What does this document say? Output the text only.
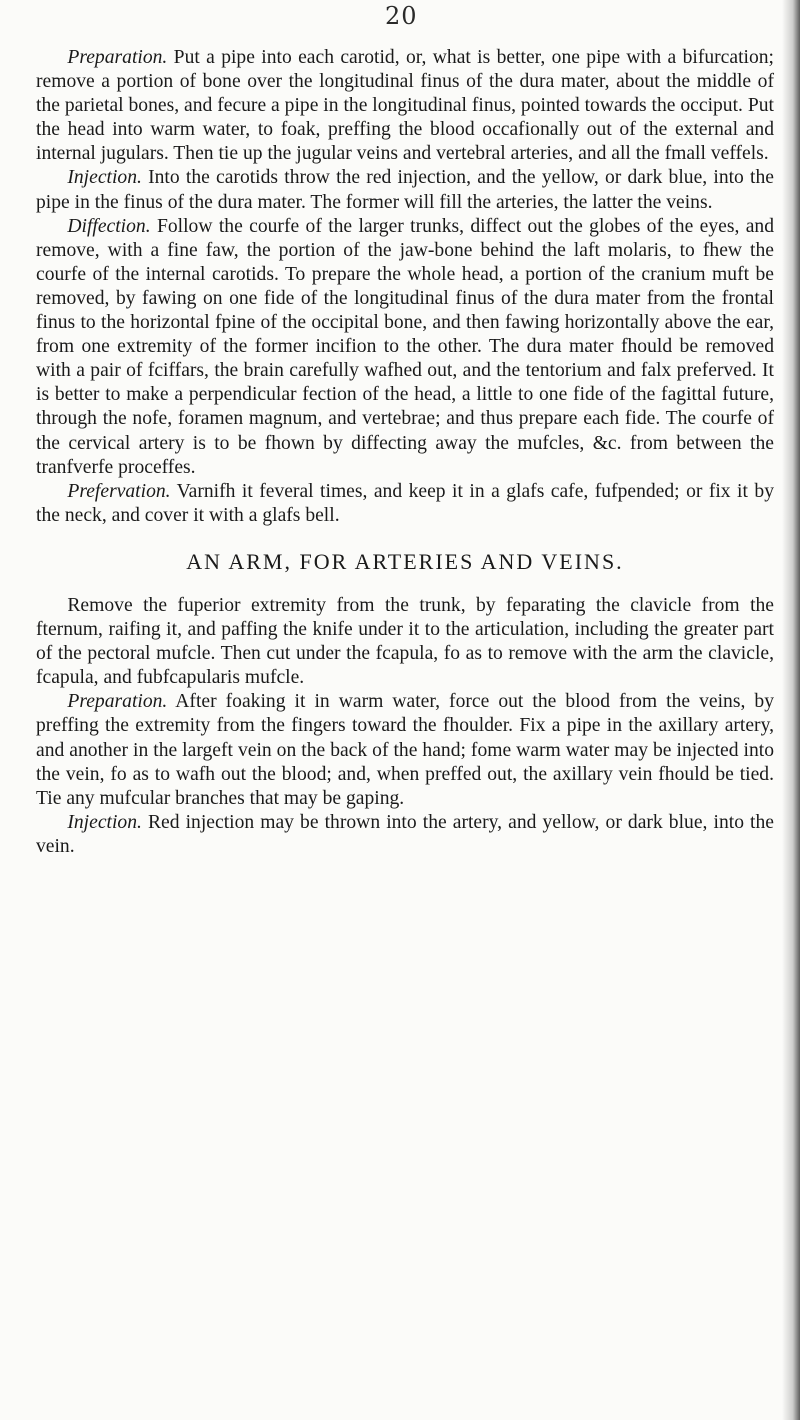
20

Preparation. Put a pipe into each carotid, or, what is better, one pipe with a bifurcation; remove a portion of bone over the longitudinal finus of the dura mater, about the middle of the parietal bones, and fecure a pipe in the longitudinal finus, pointed towards the occiput. Put the head into warm water, to foak, preffing the blood occafionally out of the external and internal jugulars. Then tie up the jugular veins and vertebral arteries, and all the fmall veffels.

Injection. Into the carotids throw the red injection, and the yellow, or dark blue, into the pipe in the finus of the dura mater. The former will fill the arteries, the latter the veins.

Diffection. Follow the courfe of the larger trunks, diffect out the globes of the eyes, and remove, with a fine faw, the portion of the jaw-bone behind the laft molaris, to fhew the courfe of the internal carotids. To prepare the whole head, a portion of the cranium muft be removed, by fawing on one fide of the longitudinal finus of the dura mater from the frontal finus to the horizontal fpine of the occipital bone, and then fawing horizontally above the ear, from one extremity of the former incifion to the other. The dura mater fhould be removed with a pair of fciffars, the brain carefully wafhed out, and the tentorium and falx preferved. It is better to make a perpendicular fection of the head, a little to one fide of the fagittal future, through the nofe, foramen magnum, and vertebrae; and thus prepare each fide. The courfe of the cervical artery is to be fhown by diffecting away the mufcles, &c. from between the tranfverfe proceffes.

Prefervation. Varnifh it feveral times, and keep it in a glafs cafe, fufpended; or fix it by the neck, and cover it with a glafs bell.

AN ARM, FOR ARTERIES AND VEINS.

Remove the fuperior extremity from the trunk, by feparating the clavicle from the fternum, raifing it, and paffing the knife under it to the articulation, including the greater part of the pectoral mufcle. Then cut under the fcapula, fo as to remove with the arm the clavicle, fcapula, and fubfcapularis mufcle.

Preparation. After foaking it in warm water, force out the blood from the veins, by preffing the extremity from the fingers toward the fhoulder. Fix a pipe in the axillary artery, and another in the largeft vein on the back of the hand; fome warm water may be injected into the vein, fo as to wafh out the blood; and, when preffed out, the axillary vein fhould be tied. Tie any mufcular branches that may be gaping.

Injection. Red injection may be thrown into the artery, and yellow, or dark blue, into the vein.
